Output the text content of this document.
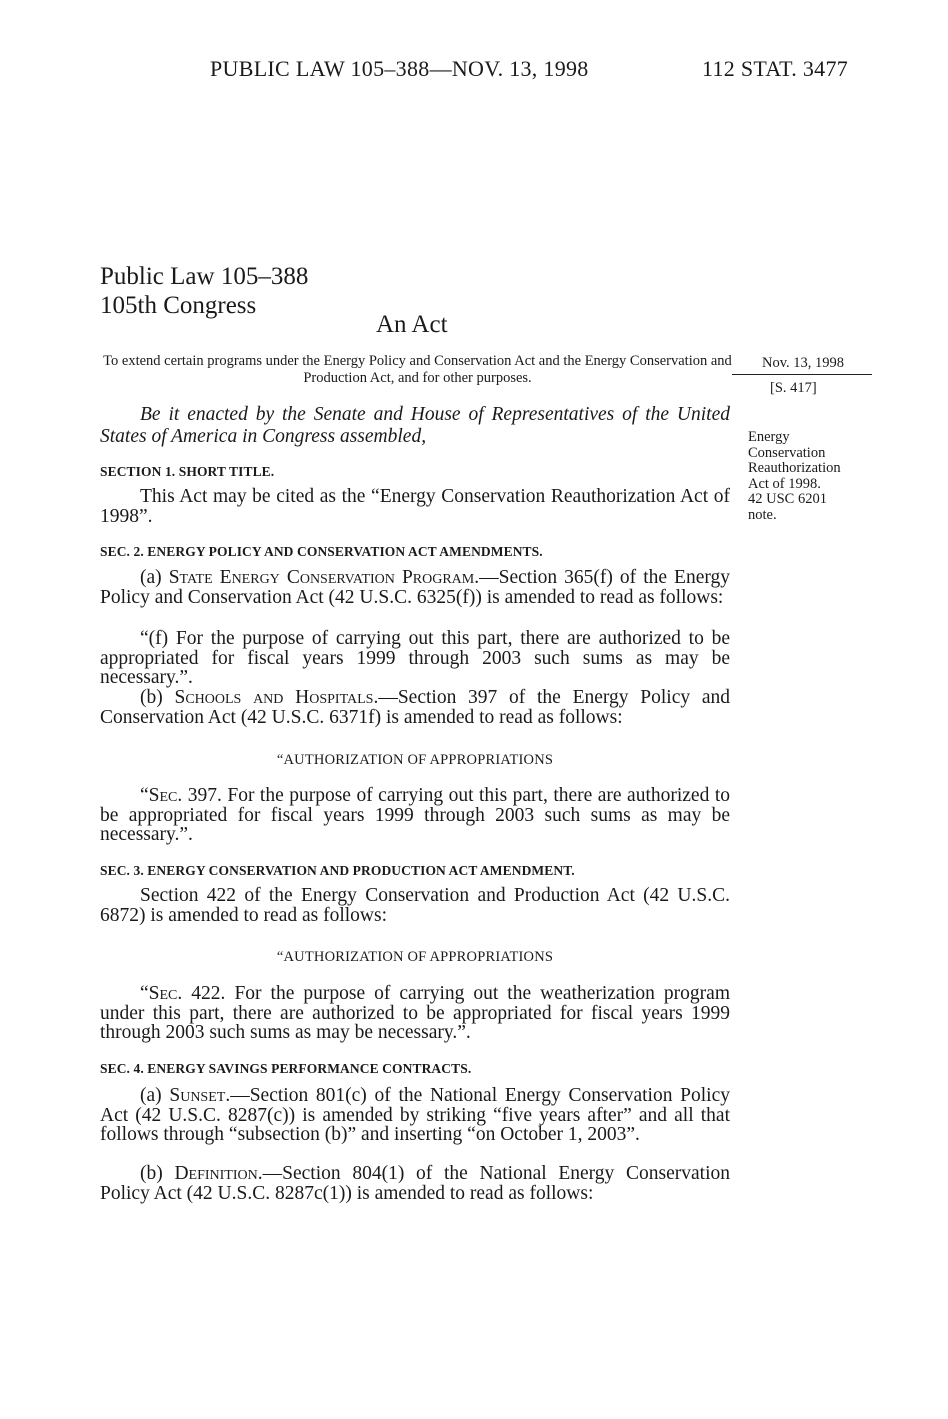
PUBLIC LAW 105–388—NOV. 13, 1998	112 STAT. 3477
Public Law 105–388
105th Congress
An Act
To extend certain programs under the Energy Policy and Conservation Act and the Energy Conservation and Production Act, and for other purposes.
Nov. 13, 1998
[S. 417]
Energy
Conservation
Reauthorization
Act of 1998.
42 USC 6201
note.
Be it enacted by the Senate and House of Representatives of the United States of America in Congress assembled,
SECTION 1. SHORT TITLE.
This Act may be cited as the “Energy Conservation Reauthorization Act of 1998”.
SEC. 2. ENERGY POLICY AND CONSERVATION ACT AMENDMENTS.
(a) State Energy Conservation Program.—Section 365(f) of the Energy Policy and Conservation Act (42 U.S.C. 6325(f)) is amended to read as follows:
“(f) For the purpose of carrying out this part, there are authorized to be appropriated for fiscal years 1999 through 2003 such sums as may be necessary.”.
(b) Schools and Hospitals.—Section 397 of the Energy Policy and Conservation Act (42 U.S.C. 6371f) is amended to read as follows:
“AUTHORIZATION OF APPROPRIATIONS
“Sec. 397. For the purpose of carrying out this part, there are authorized to be appropriated for fiscal years 1999 through 2003 such sums as may be necessary.”.
SEC. 3. ENERGY CONSERVATION AND PRODUCTION ACT AMENDMENT.
Section 422 of the Energy Conservation and Production Act (42 U.S.C. 6872) is amended to read as follows:
“AUTHORIZATION OF APPROPRIATIONS
“Sec. 422. For the purpose of carrying out the weatherization program under this part, there are authorized to be appropriated for fiscal years 1999 through 2003 such sums as may be necessary.”.
SEC. 4. ENERGY SAVINGS PERFORMANCE CONTRACTS.
(a) Sunset.—Section 801(c) of the National Energy Conservation Policy Act (42 U.S.C. 8287(c)) is amended by striking “five years after” and all that follows through “subsection (b)” and inserting “on October 1, 2003”.
(b) Definition.—Section 804(1) of the National Energy Conservation Policy Act (42 U.S.C. 8287c(1)) is amended to read as follows:
